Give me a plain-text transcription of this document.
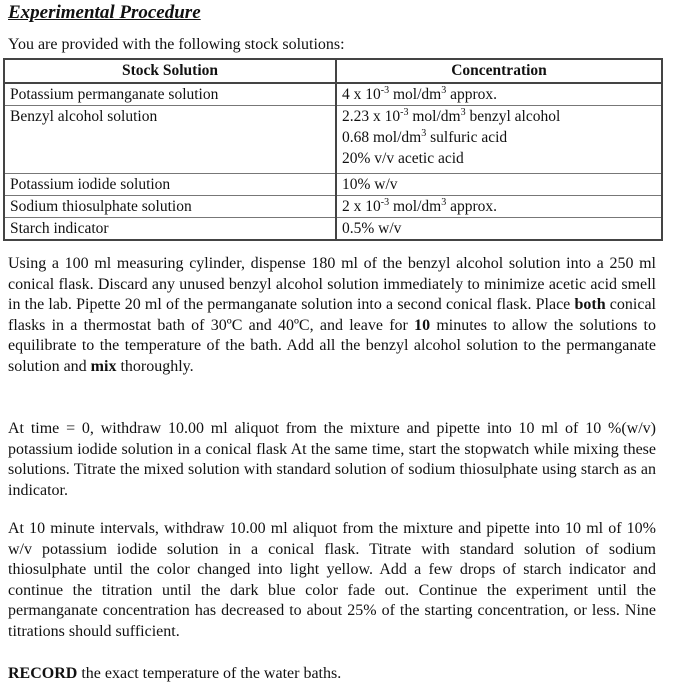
Experimental Procedure
You are provided with the following stock solutions:
Stock Solution	Concentration
Potassium permanganate solution	4 x $10^{-3}$ mol/$dm^3$ approx.
Benzyl alcohol solution	2.23 x $10^{-3}$ mol/$dm^3$ benzyl alcohol
0.68 mol/$dm^3$ sulfuric acid
20% v/v acetic acid

Potassium iodide solution	10% w/v
Sodium thiosulphate solution	2 x $10^{-3}$ mol/$dm^3$ approx.
Starch indicator	0.5% w/v
Using a 100 ml measuring cylinder, dispense 180 ml of the benzyl alcohol solution into a 250 ml conical flask. Discard any unused benzyl alcohol solution immediately to minimize acetic acid smell in the lab. Pipette 20 ml of the permanganate solution into a second conical flask. Place both conical flasks in a thermostat bath of 30ºC and 40ºC, and leave for 10 minutes to allow the solutions to equilibrate to the temperature of the bath. Add all the benzyl alcohol solution to the permanganate solution and mix thoroughly.
At time = 0, withdraw 10.00 ml aliquot from the mixture and pipette into 10 ml of 10 %(w/v) potassium iodide solution in a conical flask At the same time, start the stopwatch while mixing these solutions. Titrate the mixed solution with standard solution of sodium thiosulphate using starch as an indicator.
At 10 minute intervals, withdraw 10.00 ml aliquot from the mixture and pipette into 10 ml of 10% w/v potassium iodide solution in a conical flask. Titrate with standard solution of sodium thiosulphate until the color changed into light yellow. Add a few drops of starch indicator and continue the titration until the dark blue color fade out. Continue the experiment until the permanganate concentration has decreased to about 25% of the starting concentration, or less. Nine titrations should sufficient.
RECORD the exact temperature of the water baths.
